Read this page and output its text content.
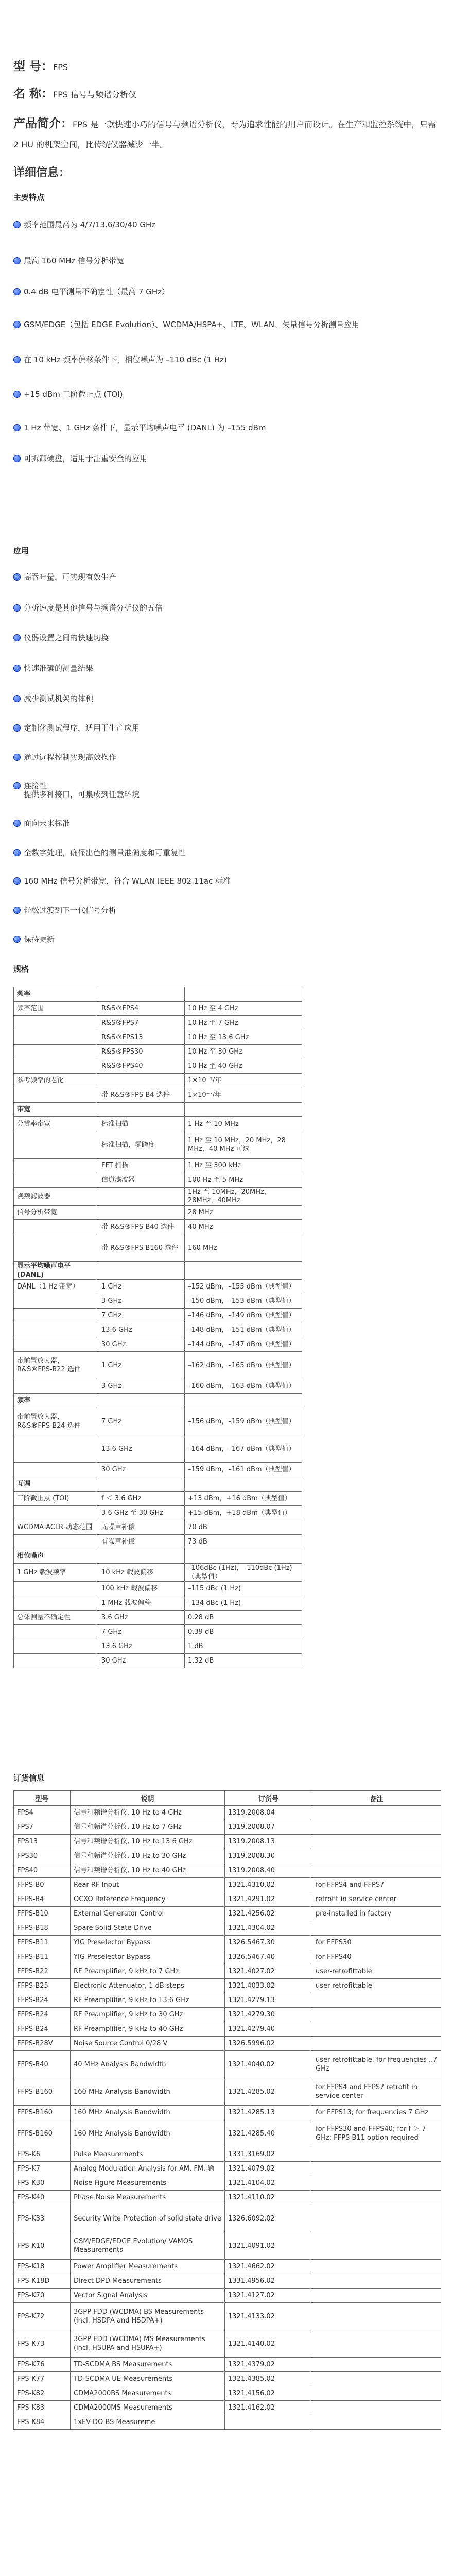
型 号：FPS
名 称：FPS 信号与频谱分析仪
产品简介：FPS 是一款快速小巧的信号与频谱分析仪，专为追求性能的用户而设计。在生产和监控系统中，只需 2 HU 的机架空间，比传统仪器减少一半。
详细信息：
主要特点
频率范围最高为 4/7/13.6/30/40 GHz
最高 160 MHz 信号分析带宽
0.4 dB 电平测量不确定性（最高 7 GHz）
GSM/EDGE（包括 EDGE Evolution）、WCDMA/HSPA+、LTE、WLAN、矢量信号分析测量应用
在 10 kHz 频率偏移条件下，相位噪声为 –110 dBc (1 Hz)
+15 dBm 三阶截止点 (TOI)
1 Hz 带宽、1 GHz 条件下，显示平均噪声电平 (DANL) 为 –155 dBm
可拆卸硬盘，适用于注重安全的应用
应用
高吞吐量，可实现有效生产
分析速度是其他信号与频谱分析仪的五倍
仪器设置之间的快速切换
快速准确的测量结果
减少测试机架的体积
定制化测试程序，适用于生产应用
通过远程控制实现高效操作
连接性
提供多种接口，可集成到任意环境
面向未来标准
全数字处理，确保出色的测量准确度和可重复性
160 MHz 信号分析带宽，符合 WLAN IEEE 802.11ac 标准
轻松过渡到下一代信号分析
保持更新
规格
频率		
频率范围	R&S®FPS4	10 Hz 至 4 GHz
	R&S®FPS7	10 Hz 至 7 GHz
	R&S®FPS13	10 Hz 至 13.6 GHz
	R&S®FPS30	10 Hz 至 30 GHz
	R&S®FPS40	10 Hz 至 40 GHz
参考频率的老化		1×10⁻⁷/年
	带 R&S®FPS-B4 选件	1×10⁻⁷/年
带宽		
分辨率带宽	标准扫描	1 Hz 至 10 MHz
	标准扫描，零跨度	1 Hz 至 10 MHz，20 MHz，28 MHz，40 MHz 可选
	FFT 扫描	1 Hz 至 300 kHz
	信道滤波器	100 Hz 至 5 MHz
视频滤波器		1Hz 至 10MHz，20MHz，28MHz，40MHz
信号分析带宽		28 MHz
	带 R&S®FPS-B40 选件	40 MHz
	带 R&S®FPS-B160 选件	160 MHz
显示平均噪声电平 (DANL)		
DANL（1 Hz 带宽）	1 GHz	–152 dBm，–155 dBm（典型值）
	3 GHz	–150 dBm，–153 dBm（典型值）
	7 GHz	–146 dBm，–149 dBm（典型值）
	13.6 GHz	–148 dBm，–151 dBm（典型值）
	30 GHz	–144 dBm，–147 dBm（典型值）
带前置放大器，R&S®FPS-B22 选件	1 GHz	–162 dBm，–165 dBm（典型值）
	3 GHz	–160 dBm，–163 dBm（典型值）
频率		
带前置放大器，R&S®FPS-B24 选件	7 GHz	–156 dBm，–159 dBm（典型值）
	13.6 GHz	–164 dBm，–167 dBm（典型值）
	30 GHz	–159 dBm，–161 dBm（典型值）
互调		
三阶截止点 (TOI)	f ＜ 3.6 GHz	+13 dBm，+16 dBm（典型值）
	3.6 GHz 至 30 GHz	+15 dBm，+18 dBm（典型值）
WCDMA ACLR 动态范围	无噪声补偿	70 dB
	有噪声补偿	73 dB
相位噪声		
1 GHz 载波频率	10 kHz 载波偏移	–106dBc (1Hz)，–110dBc (1Hz)（典型值）
	100 kHz 载波偏移	–115 dBc (1 Hz)
	1 MHz 载波偏移	–134 dBc (1 Hz)
总体测量不确定性	3.6 GHz	0.28 dB
	7 GHz	0.39 dB
	13.6 GHz	1 dB
	30 GHz	1.32 dB
订货信息
型号	说明	订货号	备注
FPS4	信号和频谱分析仪, 10 Hz to 4 GHz	1319.2008.04	
FPS7	信号和频谱分析仪, 10 Hz to 7 GHz	1319.2008.07	
FPS13	信号和频谱分析仪, 10 Hz to 13.6 GHz	1319.2008.13	
FPS30	信号和频谱分析仪, 10 Hz to 30 GHz	1319.2008.30	
FPS40	信号和频谱分析仪, 10 Hz to 40 GHz	1319.2008.40	
FFPS-B0	Rear RF Input	1321.4310.02	for FFPS4 and FFPS7
FFPS-B4	OCXO Reference Frequency	1321.4291.02	retrofit in service center
FFPS-B10	External Generator Control	1321.4256.02	pre-installed in factory
FFPS-B18	Spare Solid-State-Drive	1321.4304.02	
FFPS-B11	YIG Preselector Bypass	1326.5467.30	for FFPS30
FFPS-B11	YIG Preselector Bypass	1326.5467.40	for FFPS40
FFPS-B22	RF Preamplifier, 9 kHz to 7 GHz	1321.4027.02	user-retrofittable
FFPS-B25	Electronic Attenuator, 1 dB steps	1321.4033.02	user-retrofittable
FFPS-B24	RF Preamplifier, 9 kHz to 13.6 GHz	1321.4279.13	
FFPS-B24	RF Preamplifier, 9 kHz to 30 GHz	1321.4279.30	
FFPS-B24	RF Preamplifier, 9 kHz to 40 GHz	1321.4279.40	
FFPS-B28V	Noise Source Control 0/28 V	1326.5996.02	
FFPS-B40	40 MHz Analysis Bandwidth	1321.4040.02	user-retrofittable, for frequencies ..7 GHz
FFPS-B160	160 MHz Analysis Bandwidth	1321.4285.02	for FFPS4 and FFPS7 retrofit in service center
FFPS-B160	160 MHz Analysis Bandwidth	1321.4285.13	for FFPS13; for frequencies 7 GHz
FFPS-B160	160 MHz Analysis Bandwidth	1321.4285.40	for FFPS30 and FFPS40; for f ＞ 7 GHz: FFPS-B11 option required
FPS-K6	Pulse Measurements	1331.3169.02	
FPS-K7	Analog Modulation Analysis for AM, FM, 输	1321.4079.02	
FPS-K30	Noise Figure Measurements	1321.4104.02	
FPS-K40	Phase Noise Measurements	1321.4110.02	
FPS-K33	Security Write Protection of solid state drive	1326.6092.02	
FPS-K10	GSM/EDGE/EDGE Evolution/ VAMOS Measurements	1321.4091.02	
FPS-K18	Power Amplifier Measurements	1321.4662.02	
FPS-K18D	Direct DPD Measurements	1331.4956.02	
FPS-K70	Vector Signal Analysis	1321.4127.02	
FPS-K72	3GPP FDD (WCDMA) BS Measurements (incl. HSDPA and HSDPA+)	1321.4133.02	
FPS-K73	3GPP FDD (WCDMA) MS Measurements (incl. HSUPA and HSUPA+)	1321.4140.02	
FPS-K76	TD-SCDMA BS Measurements	1321.4379.02	
FPS-K77	TD-SCDMA UE Measurements	1321.4385.02	
FPS-K82	CDMA2000BS Measurements	1321.4156.02	
FPS-K83	CDMA2000MS Measurements	1321.4162.02	
FPS-K84	1xEV-DO BS Measureme		
